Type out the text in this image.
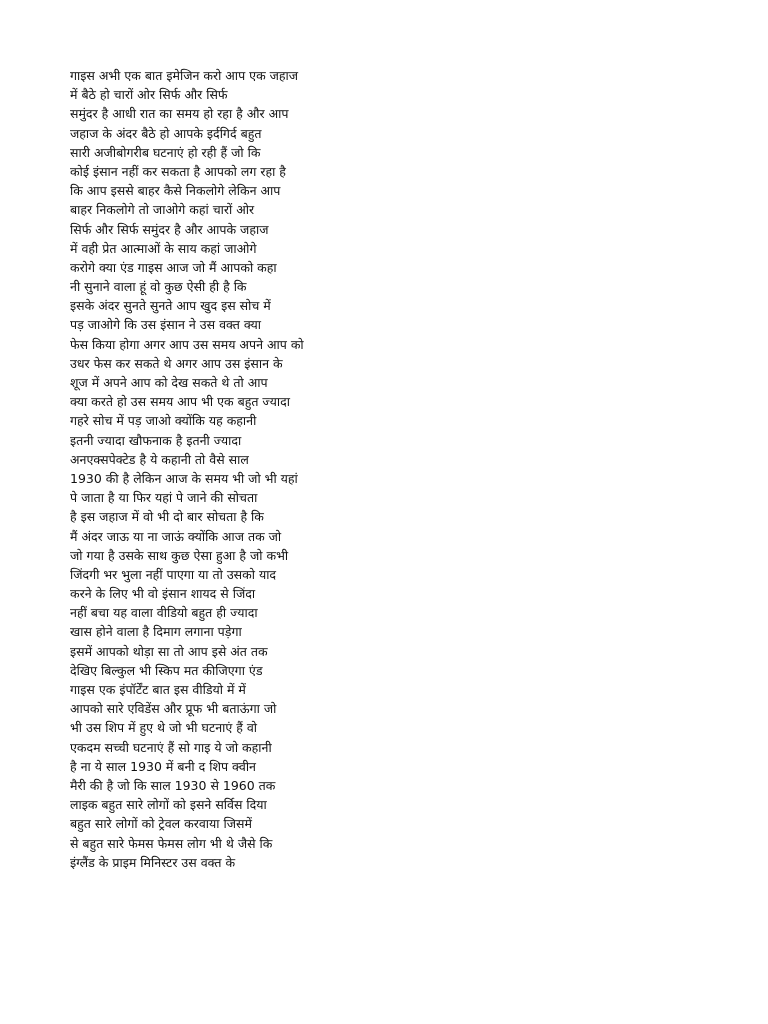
गाइस अभी एक बात इमेजिन करो आप एक जहाज
में बैठे हो चारों ओर सिर्फ और सिर्फ
समुंदर है आधी रात का समय हो रहा है और आप
जहाज के अंदर बैठे हो आपके इर्दगिर्द बहुत
सारी अजीबोगरीब घटनाएं हो रही हैं जो कि
कोई इंसान नहीं कर सकता है आपको लग रहा है
कि आप इससे बाहर कैसे निकलोगे लेकिन आप
बाहर निकलोगे तो जाओगे कहां चारों ओर
सिर्फ और सिर्फ समुंदर है और आपके जहाज
में वही प्रेत आत्माओं के साय कहां जाओगे
करोगे क्या एंड गाइस आज जो मैं आपको कहा
नी सुनाने वाला हूं वो कुछ ऐसी ही है कि
इसके अंदर सुनते सुनते आप खुद इस सोच में
पड़ जाओगे कि उस इंसान ने उस वक्त क्या
फेस किया होगा अगर आप उस समय अपने आप को
उधर फेस कर सकते थे अगर आप उस इंसान के
शूज में अपने आप को देख सकते थे तो आप
क्या करते हो उस समय आप भी एक बहुत ज्यादा
गहरे सोच में पड़ जाओ क्योंकि यह कहानी
इतनी ज्यादा खौफनाक है इतनी ज्यादा
अनएक्सपेक्टेड है ये कहानी तो वैसे साल
1930 की है लेकिन आज के समय भी जो भी यहां
पे जाता है या फिर यहां पे जाने की सोचता
है इस जहाज में वो भी दो बार सोचता है कि
मैं अंदर जाऊ या ना जाऊं क्योंकि आज तक जो
जो गया है उसके साथ कुछ ऐसा हुआ है जो कभी
जिंदगी भर भुला नहीं पाएगा या तो उसको याद
करने के लिए भी वो इंसान शायद से जिंदा
नहीं बचा यह वाला वीडियो बहुत ही ज्यादा
खास होने वाला है दिमाग लगाना पड़ेगा
इसमें आपको थोड़ा सा तो आप इसे अंत तक
देखिए बिल्कुल भी स्किप मत कीजिएगा एंड
गाइस एक इंपॉर्टेंट बात इस वीडियो में में
आपको सारे एविडेंस और प्रूफ भी बताऊंगा जो
भी उस शिप में हुए थे जो भी घटनाएं हैं वो
एकदम सच्ची घटनाएं हैं सो गाइ ये जो कहानी
है ना ये साल 1930 में बनी द शिप क्वीन
मैरी की है जो कि साल 1930 से 1960 तक
लाइक बहुत सारे लोगों को इसने सर्विस दिया
बहुत सारे लोगों को ट्रेवल करवाया जिसमें
से बहुत सारे फेमस फेमस लोग भी थे जैसे कि
इंग्लैंड के प्राइम मिनिस्टर उस वक्त के
